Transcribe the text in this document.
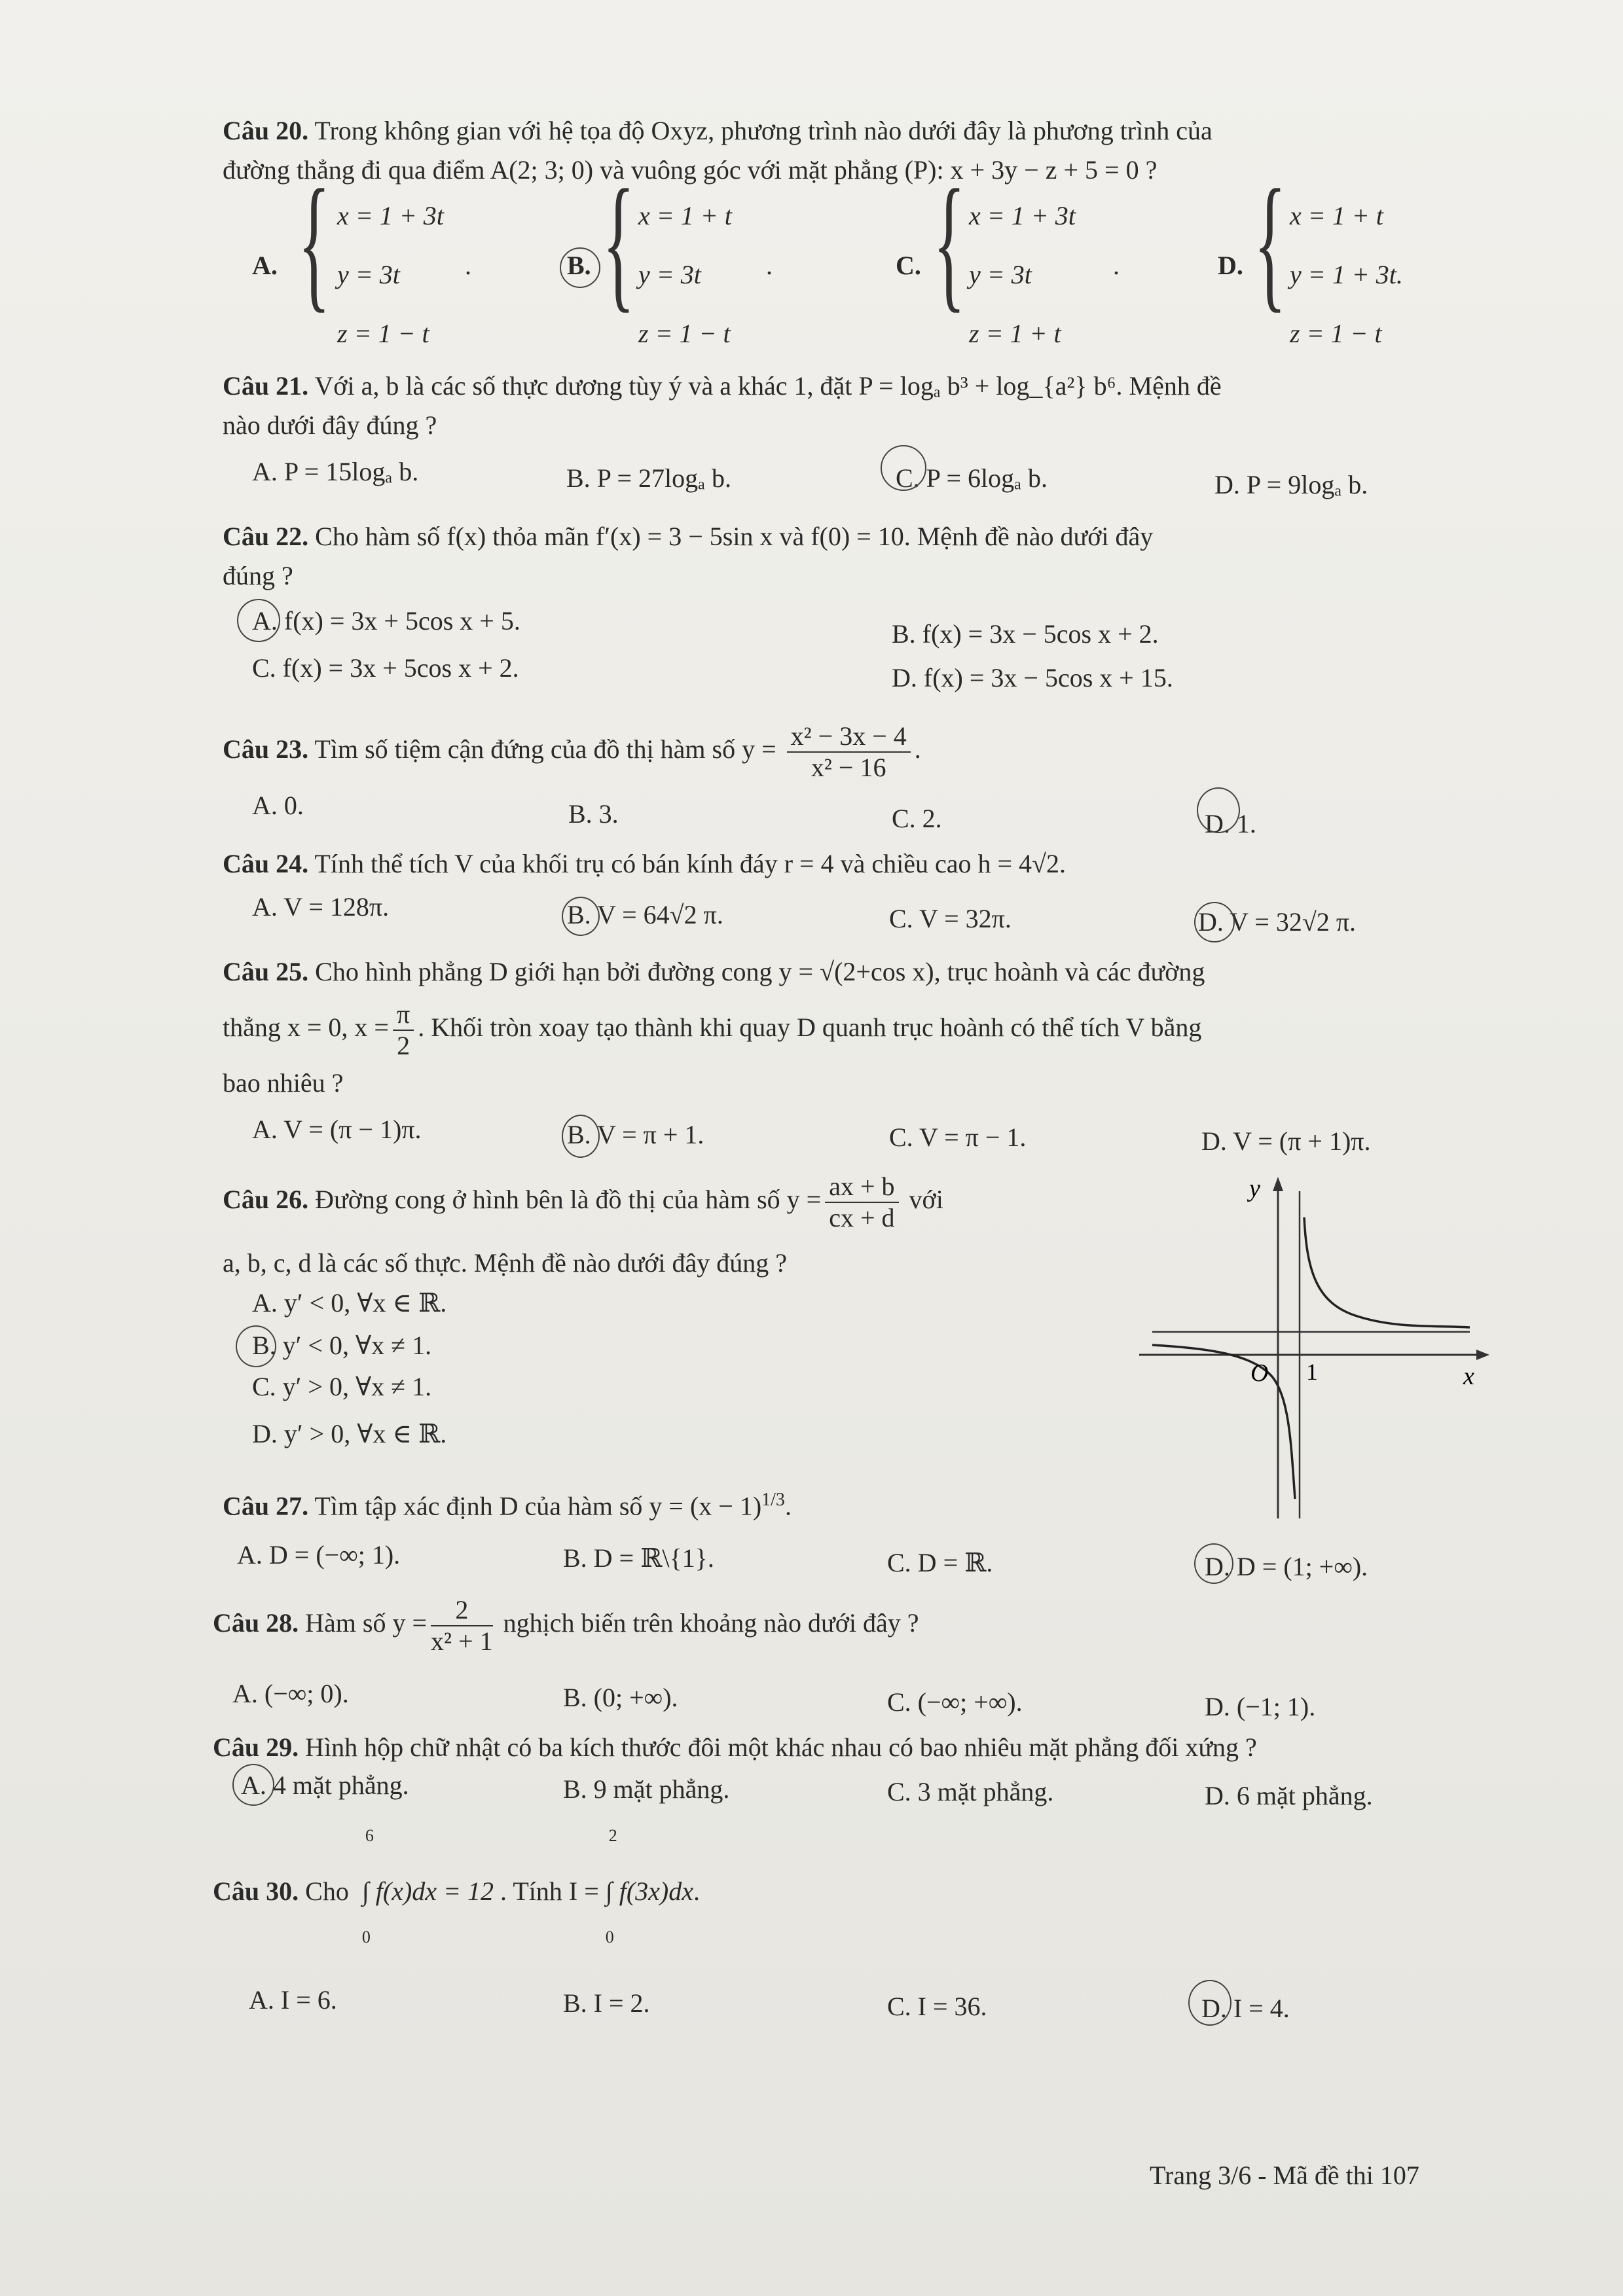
Câu 20. Trong không gian với hệ tọa độ Oxyz, phương trình nào dưới đây là phương trình của
đường thẳng đi qua điểm A(2; 3; 0) và vuông góc với mặt phẳng (P): x + 3y − z + 5 = 0 ?
A. { x = 1 + 3t
y = 3t
z = 1 − t
.	B. { x = 1 + t
y = 3t
z = 1 − t
.	C. { x = 1 + 3t
y = 3t
z = 1 + t
.	D. { x = 1 + t
y = 1 + 3t.
z = 1 − t
Câu 21. Với a, b là các số thực dương tùy ý và a khác 1, đặt P = logₐ b³ + log_{a²} b⁶. Mệnh đề
nào dưới đây đúng ?
A. P = 15logₐ b.	B. P = 27logₐ b.	C. P = 6logₐ b.	D. P = 9logₐ b.
Câu 22. Cho hàm số f(x) thỏa mãn f′(x) = 3 − 5sin x và f(0) = 10. Mệnh đề nào dưới đây
đúng ?
A. f(x) = 3x + 5cos x + 5.	B. f(x) = 3x − 5cos x + 2.
C. f(x) = 3x + 5cos x + 2.	D. f(x) = 3x − 5cos x + 15.
Câu 23. Tìm số tiệm cận đứng của đồ thị hàm số $y = \frac{\text{x² − 3x − 4}}{\text{x² − 16}}$ .
A. 0.	B. 3.	C. 2.	D. 1.
Câu 24. Tính thể tích V của khối trụ có bán kính đáy r = 4 và chiều cao h = 4√2.
A. V = 128π.	B. V = 64√2 π.	C. V = 32π.	D. V = 32√2 π.
Câu 25. Cho hình phẳng D giới hạn bởi đường cong y = √(2+cos x), trục hoành và các đường
thẳng x = 0, $x = \frac{\pi}{2}$ . Khối tròn xoay tạo thành khi quay D quanh trục hoành có thể tích V bằng
bao nhiêu ?
A. V = (π − 1)π.	B. V = π + 1.	C. V = π − 1.	D. V = (π + 1)π.
Câu 26. Đường cong ở hình bên là đồ thị của hàm số $y = \frac{ax + b}{cx + d}$ với
a, b, c, d là các số thực. Mệnh đề nào dưới đây đúng ?
A. y′ < 0, ∀x ∈ ℝ.
B. y′ < 0, ∀x ≠ 1.
C. y′ > 0, ∀x ≠ 1.
D. y′ > 0, ∀x ∈ ℝ.
y
x
O 1
Câu 27. Tìm tập xác định D của hàm số $y = (x - 1)^{1/3}$.
A. D = (−∞; 1).	B. D = ℝ\{1}.	C. D = ℝ.	D. D = (1; +∞).
Câu 28. Hàm số $y = \frac{2}{\text{x² + 1}}$ nghịch biến trên khoảng nào dưới đây ?
A. (−∞; 0).	B. (0; +∞).	C. (−∞; +∞).	D. (−1; 1).
Câu 29. Hình hộp chữ nhật có ba kích thước đôi một khác nhau có bao nhiêu mặt phẳng đối xứng ?
A. 4 mặt phẳng.	B. 9 mặt phẳng.	C. 3 mặt phẳng.	D. 6 mặt phẳng.
Câu 30. Cho
6
0
∫ f(x)dx = 12 . Tính I =
2
0
∫ f(3x)dx.
A. I = 6.	B. I = 2.	C. I = 36.	D. I = 4.
Trang 3/6 - Mã đề thi 107
